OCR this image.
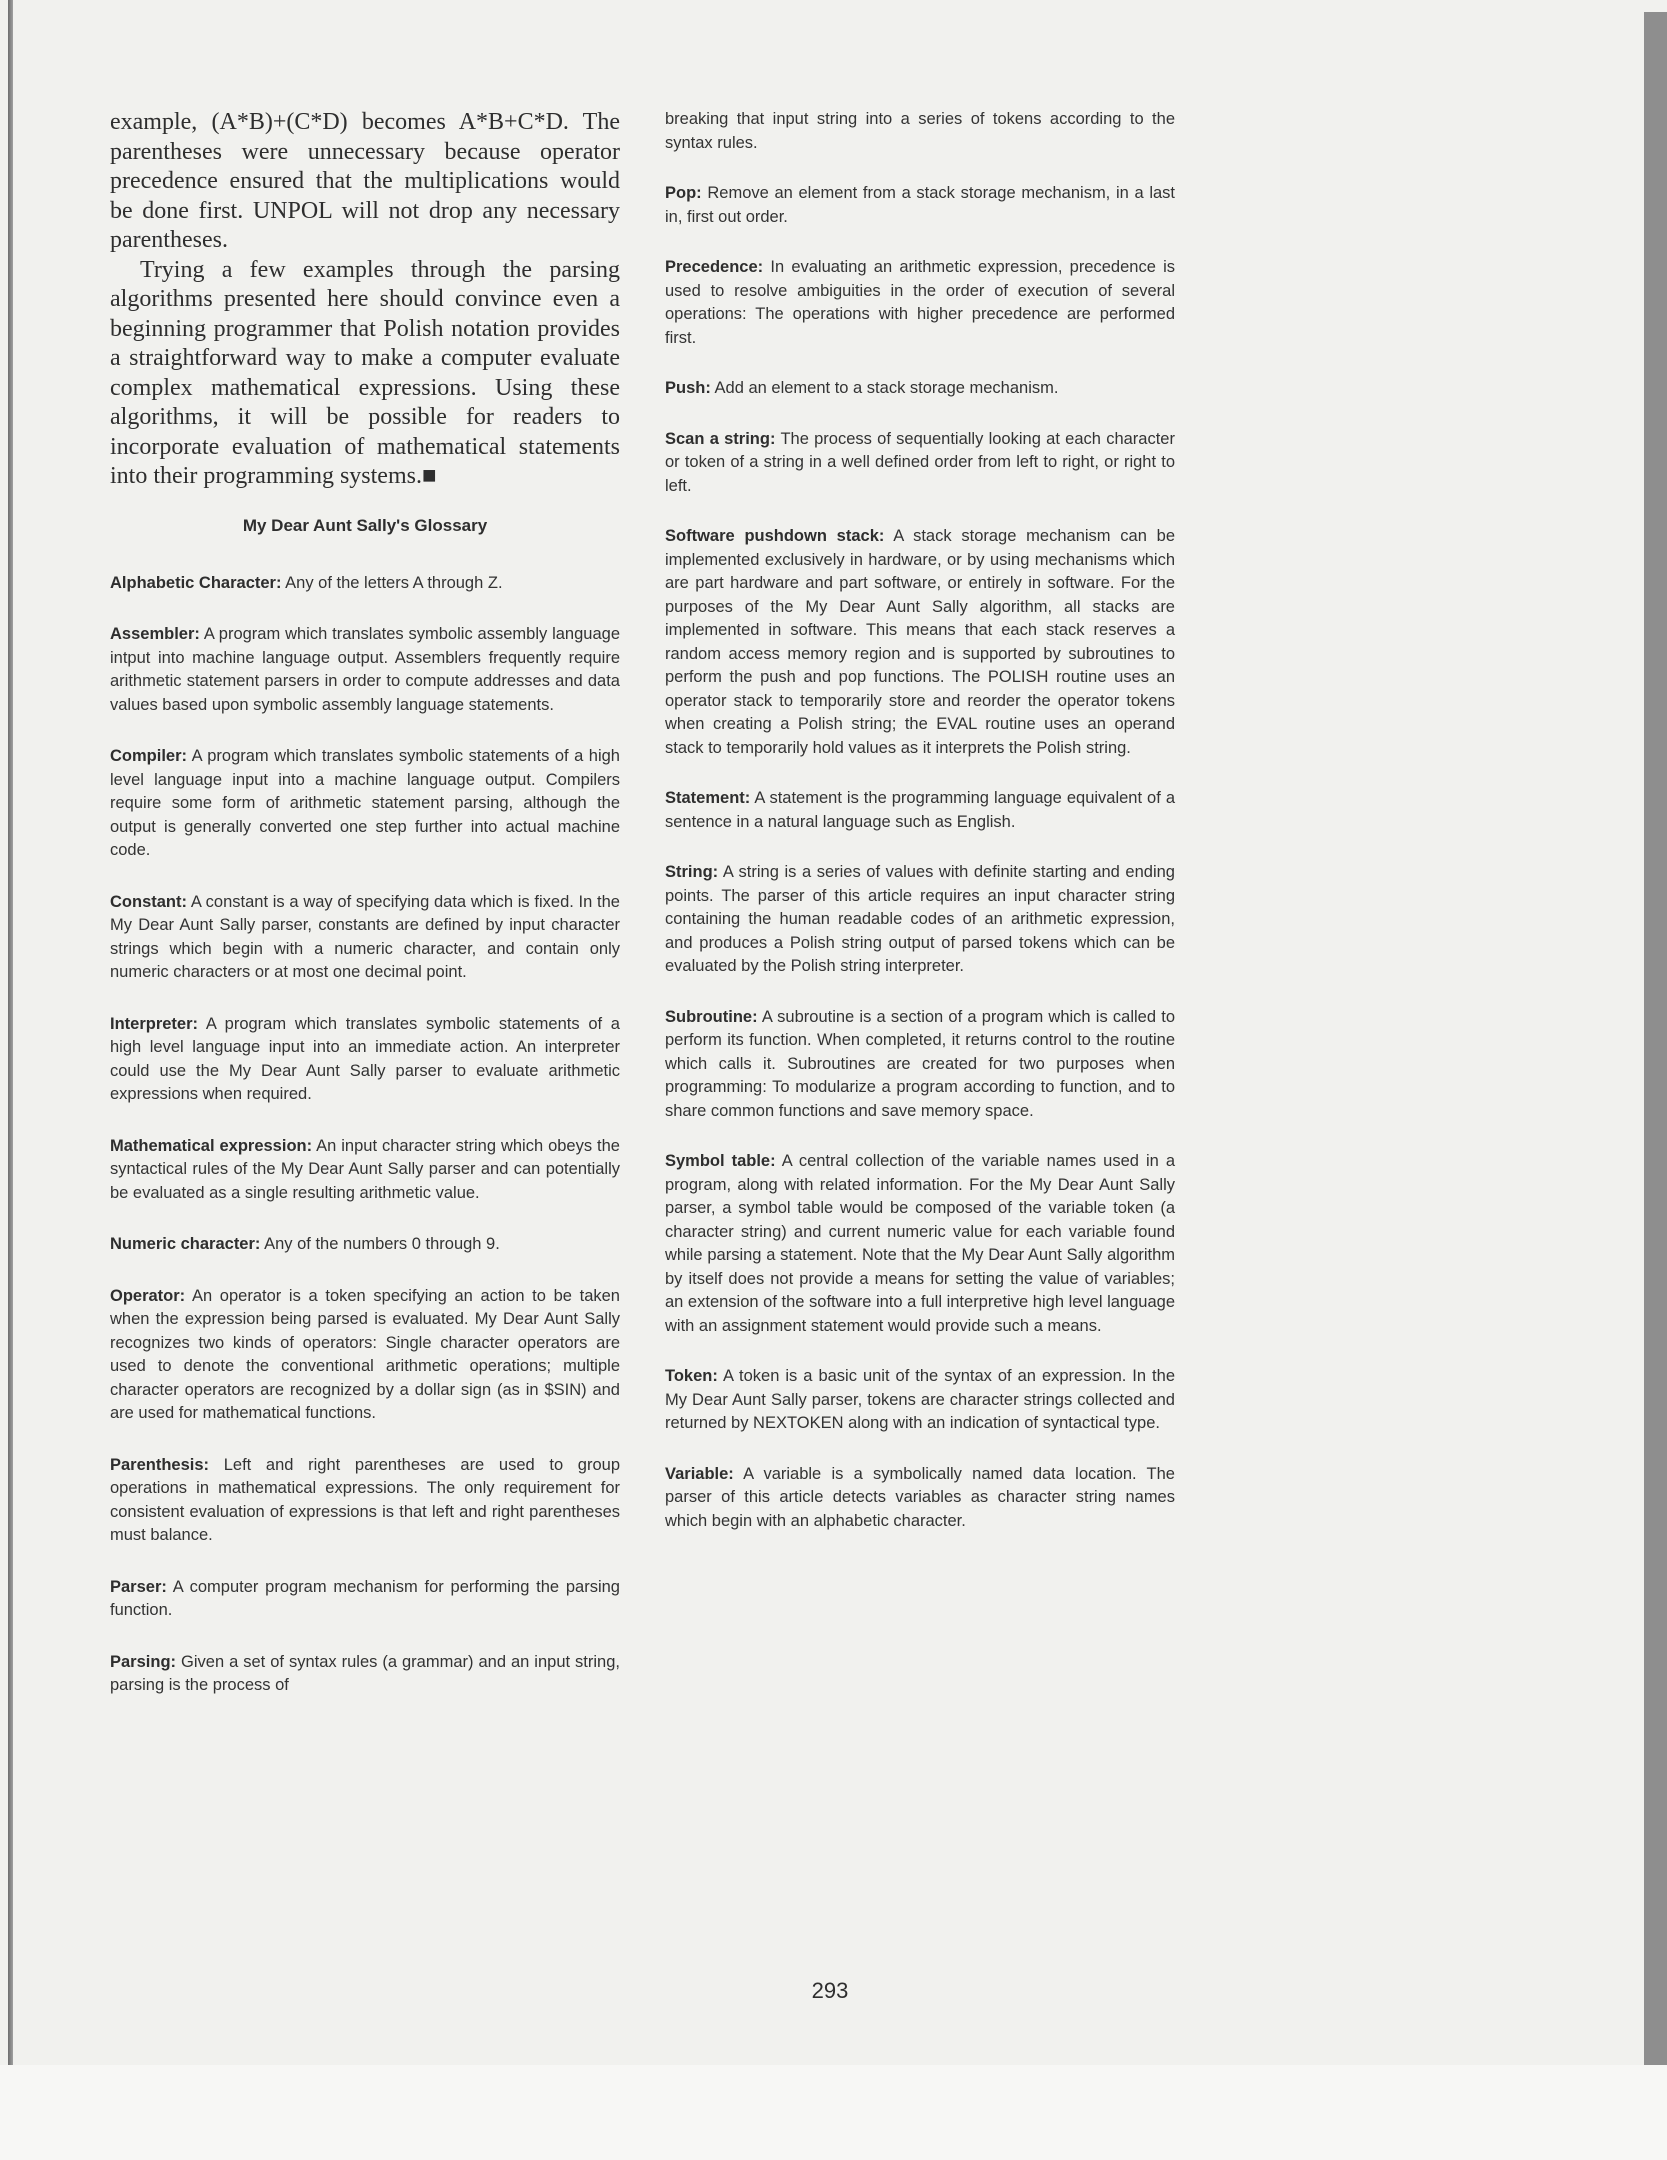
example, (A*B)+(C*D) becomes A*B+C*D. The parentheses were unnecessary because operator precedence ensured that the multiplications would be done first. UNPOL will not drop any necessary parentheses.

Trying a few examples through the parsing algorithms presented here should convince even a beginning programmer that Polish notation provides a straightforward way to make a computer evaluate complex mathematical expressions. Using these algorithms, it will be possible for readers to incorporate evaluation of mathematical statements into their programming systems.■

My Dear Aunt Sally's Glossary
Alphabetic Character: Any of the letters A through Z.
Assembler: A program which translates symbolic assembly language intput into machine language output. Assemblers frequently require arithmetic statement parsers in order to compute addresses and data values based upon symbolic assembly language statements.
Compiler: A program which translates symbolic statements of a high level language input into a machine language output. Compilers require some form of arithmetic statement parsing, although the output is generally converted one step further into actual machine code.
Constant: A constant is a way of specifying data which is fixed. In the My Dear Aunt Sally parser, constants are defined by input character strings which begin with a numeric character, and contain only numeric characters or at most one decimal point.
Interpreter: A program which translates symbolic statements of a high level language input into an immediate action. An interpreter could use the My Dear Aunt Sally parser to evaluate arithmetic expressions when required.
Mathematical expression: An input character string which obeys the syntactical rules of the My Dear Aunt Sally parser and can potentially be evaluated as a single resulting arithmetic value.
Numeric character: Any of the numbers 0 through 9.
Operator: An operator is a token specifying an action to be taken when the expression being parsed is evaluated. My Dear Aunt Sally recognizes two kinds of operators: Single character operators are used to denote the conventional arithmetic operations; multiple character operators are recognized by a dollar sign (as in $SIN) and are used for mathematical functions.
Parenthesis: Left and right parentheses are used to group operations in mathematical expressions. The only requirement for consistent evaluation of expressions is that left and right parentheses must balance.
Parser: A computer program mechanism for performing the parsing function.
Parsing: Given a set of syntax rules (a grammar) and an input string, parsing is the process of
breaking that input string into a series of tokens according to the syntax rules.
Pop: Remove an element from a stack storage mechanism, in a last in, first out order.
Precedence: In evaluating an arithmetic expression, precedence is used to resolve ambiguities in the order of execution of several operations: The operations with higher precedence are performed first.
Push: Add an element to a stack storage mechanism.
Scan a string: The process of sequentially looking at each character or token of a string in a well defined order from left to right, or right to left.
Software pushdown stack: A stack storage mechanism can be implemented exclusively in hardware, or by using mechanisms which are part hardware and part software, or entirely in software. For the purposes of the My Dear Aunt Sally algorithm, all stacks are implemented in software. This means that each stack reserves a random access memory region and is supported by subroutines to perform the push and pop functions. The POLISH routine uses an operator stack to temporarily store and reorder the operator tokens when creating a Polish string; the EVAL routine uses an operand stack to temporarily hold values as it interprets the Polish string.
Statement: A statement is the programming language equivalent of a sentence in a natural language such as English.
String: A string is a series of values with definite starting and ending points. The parser of this article requires an input character string containing the human readable codes of an arithmetic expression, and produces a Polish string output of parsed tokens which can be evaluated by the Polish string interpreter.
Subroutine: A subroutine is a section of a program which is called to perform its function. When completed, it returns control to the routine which calls it. Subroutines are created for two purposes when programming: To modularize a program according to function, and to share common functions and save memory space.
Symbol table: A central collection of the variable names used in a program, along with related information. For the My Dear Aunt Sally parser, a symbol table would be composed of the variable token (a character string) and current numeric value for each variable found while parsing a statement. Note that the My Dear Aunt Sally algorithm by itself does not provide a means for setting the value of variables; an extension of the software into a full interpretive high level language with an assignment statement would provide such a means.
Token: A token is a basic unit of the syntax of an expression. In the My Dear Aunt Sally parser, tokens are character strings collected and returned by NEXTOKEN along with an indication of syntactical type.
Variable: A variable is a symbolically named data location. The parser of this article detects variables as character string names which begin with an alphabetic character.
293
